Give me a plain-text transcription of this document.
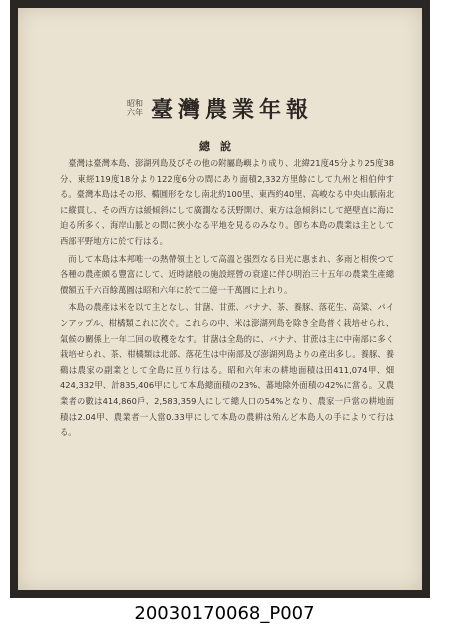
昭和
六年 臺灣農業年報
總說

臺灣は臺灣本島、澎湖列島及びその他の附屬島嶼より成り、北緯21度45分より25度38分、東經119度18分より122度6分の間にあり面積2,332方里餘にして九州と相伯仲する。臺灣本島はその形、橢圓形をなし南北約100里、東西約40里、高峻なる中央山脈南北に縱貫し、その西方は緩傾斜にして廣濶なる沃野開け、東方は急傾斜にして絕壁直に海に迫る所多く、海岸山脈との間に狹小なる平地を見るのみなり。卽ち本島の農業は主として西部平野地方に於て行はる。

而して本島は本邦唯一の熱帶領土として高溫と强烈なる日光に惠まれ、多雨と相俟つて各種の農產頗る豐富にして、近時諸般の施設經營の衰達に伴ひ明治三十五年の農業生產總價額五千六百餘萬圓は昭和六年に於て二億一千萬圓に上れり。

本島の農產は米を以て主となし、甘藷、甘蔗、バナナ、茶、養豚、落花生、高粱、パインアップル、柑橘類これに次ぐ。これらの中、米は澎湖列島を除き全島普く栽培せられ、氣候の關係上一年二回の收穫をなす。甘藷は全島的に、バナナ、甘蔗は主に中南部に多く栽培せられ、茶、柑橘類は北部、落花生は中南部及び澎湖列島よりの產出多し。養豚、養鷄は農家の副業として全島に亘り行はる。昭和六年末の耕地面積は田411,074甲、畑424,332甲、計835,406甲にして本島總面積の23%、蕃地除外面積の42%に當る。又農業者の數は414,860戶、2,583,359人にして總人口の54%となり、農家一戶當の耕地面積は2.04甲、農業者一人當0.33甲にして本島の農耕は殆んど本島人の手によりて行はる。

20030170068_P007
